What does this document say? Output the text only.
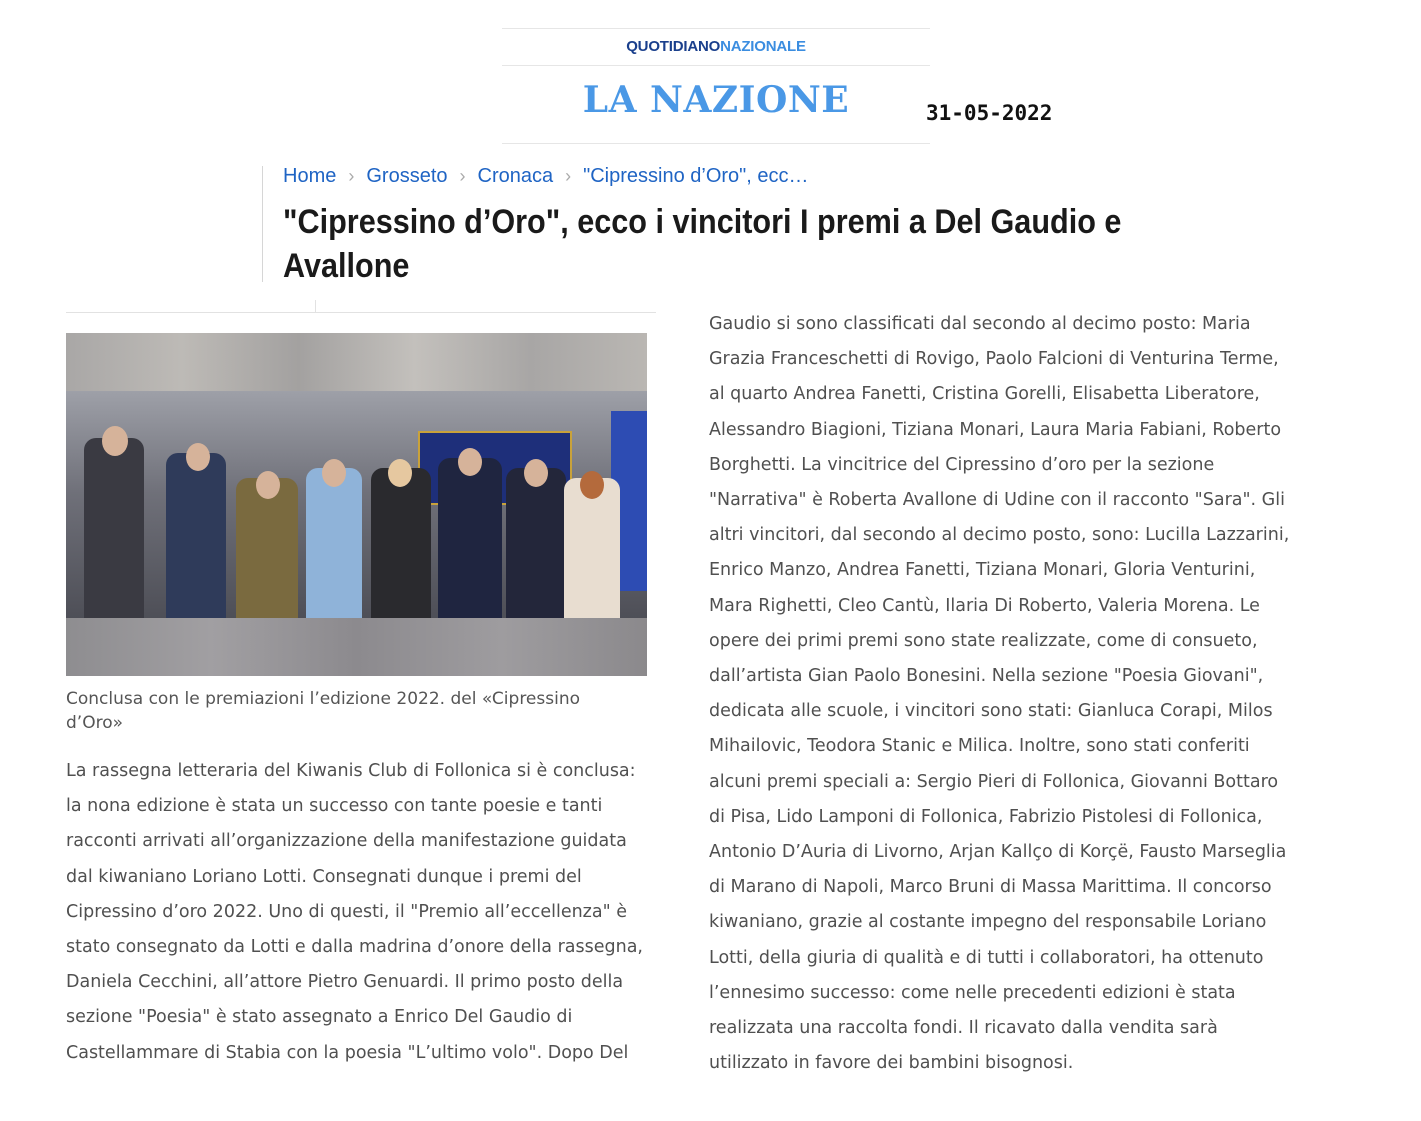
QUOTIDIANONAZIONALE
LA NAZIONE	31-05-2022
Home › Grosseto › Cronaca › "Cipressino d’Oro", ecc…
"Cipressino d’Oro", ecco i vincitori I premi a Del Gaudio e Avallone

Conclusa con le premiazioni l’edizione 2022. del «Cipressino d’Oro»

La rassegna letteraria del Kiwanis Club di Follonica si è conclusa: la nona edizione è stata un successo con tante poesie e tanti racconti arrivati all’organizzazione della manifestazione guidata dal kiwaniano Loriano Lotti. Consegnati dunque i premi del Cipressino d’oro 2022. Uno di questi, il "Premio all’eccellenza" è stato consegnato da Lotti e dalla madrina d’onore della rassegna, Daniela Cecchini, all’attore Pietro Genuardi. Il primo posto della sezione "Poesia" è stato assegnato a Enrico Del Gaudio di Castellammare di Stabia con la poesia "L’ultimo volo". Dopo Del

Gaudio si sono classificati dal secondo al decimo posto: Maria Grazia Franceschetti di Rovigo, Paolo Falcioni di Venturina Terme, al quarto Andrea Fanetti, Cristina Gorelli, Elisabetta Liberatore, Alessandro Biagioni, Tiziana Monari, Laura Maria Fabiani, Roberto Borghetti. La vincitrice del Cipressino d’oro per la sezione "Narrativa" è Roberta Avallone di Udine con il racconto "Sara". Gli altri vincitori, dal secondo al decimo posto, sono: Lucilla Lazzarini, Enrico Manzo, Andrea Fanetti, Tiziana Monari, Gloria Venturini, Mara Righetti, Cleo Cantù, Ilaria Di Roberto, Valeria Morena. Le opere dei primi premi sono state realizzate, come di consueto, dall’artista Gian Paolo Bonesini. Nella sezione "Poesia Giovani", dedicata alle scuole, i vincitori sono stati: Gianluca Corapi, Milos Mihailovic, Teodora Stanic e Milica. Inoltre, sono stati conferiti alcuni premi speciali a: Sergio Pieri di Follonica, Giovanni Bottaro di Pisa, Lido Lamponi di Follonica, Fabrizio Pistolesi di Follonica, Antonio D’Auria di Livorno, Arjan Kallço di Korçë, Fausto Marseglia di Marano di Napoli, Marco Bruni di Massa Marittima. Il concorso kiwaniano, grazie al costante impegno del responsabile Loriano Lotti, della giuria di qualità e di tutti i collaboratori, ha ottenuto l’ennesimo successo: come nelle precedenti edizioni è stata realizzata una raccolta fondi. Il ricavato dalla vendita sarà utilizzato in favore dei bambini bisognosi.
